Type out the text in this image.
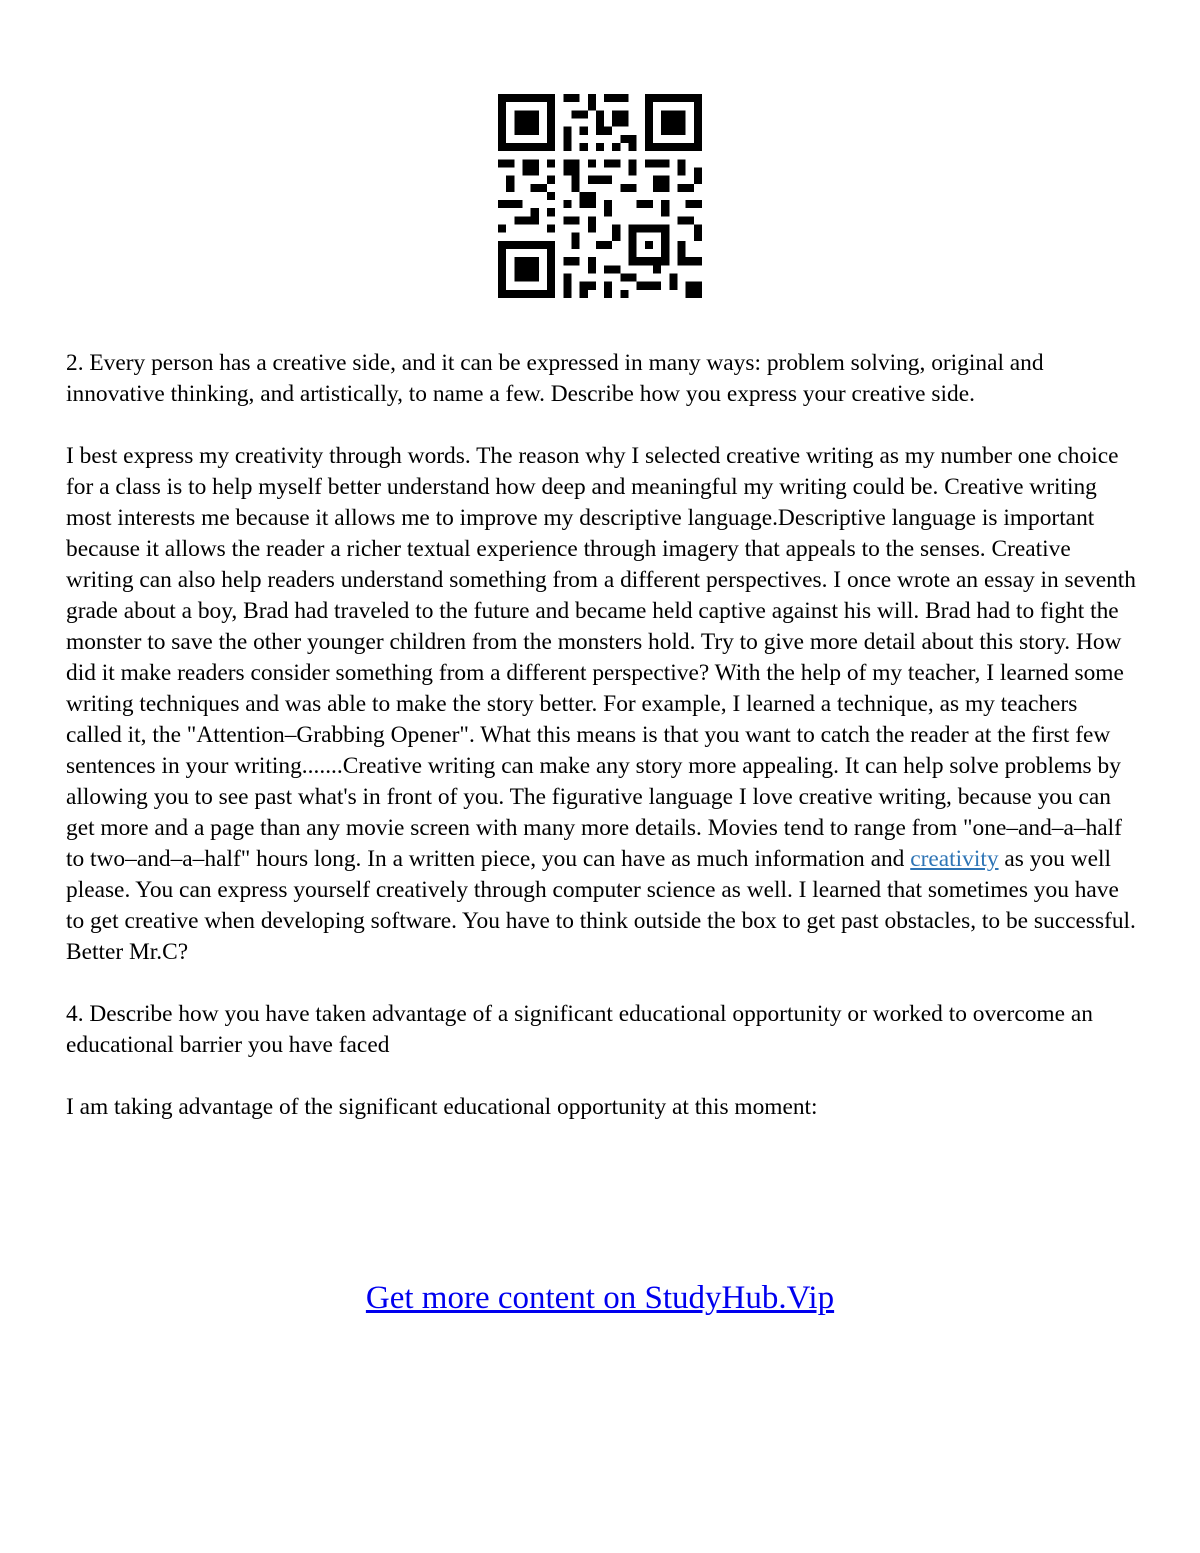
2. Every person has a creative side, and it can be expressed in many ways: problem solving, original and innovative thinking, and artistically, to name a few. Describe how you express your creative side.

I best express my creativity through words. The reason why I selected creative writing as my number one choice for a class is to help myself better understand how deep and meaningful my writing could be. Creative writing most interests me because it allows me to improve my descriptive language.Descriptive language is important because it allows the reader a richer textual experience through imagery that appeals to the senses. Creative writing can also help readers understand something from a different perspectives. I once wrote an essay in seventh grade about a boy, Brad had traveled to the future and became held captive against his will. Brad had to fight the monster to save the other younger children from the monsters hold. Try to give more detail about this story. How did it make readers consider something from a different perspective? With the help of my teacher, I learned some writing techniques and was able to make the story better. For example, I learned a technique, as my teachers called it, the "Attention–Grabbing Opener". What this means is that you want to catch the reader at the first few sentences in your writing.......Creative writing can make any story more appealing. It can help solve problems by allowing you to see past what's in front of you. The figurative language I love creative writing, because you can get more and a page than any movie screen with many more details. Movies tend to range from "one–and–a–half to two–and–a–half" hours long. In a written piece, you can have as much information and creativity as you well please. You can express yourself creatively through computer science as well. I learned that sometimes you have to get creative when developing software. You have to think outside the box to get past obstacles, to be successful.

Better Mr.C?

4. Describe how you have taken advantage of a significant educational opportunity or worked to overcome an educational barrier you have faced

I am taking advantage of the significant educational opportunity at this moment:

Get more content on StudyHub.Vip
